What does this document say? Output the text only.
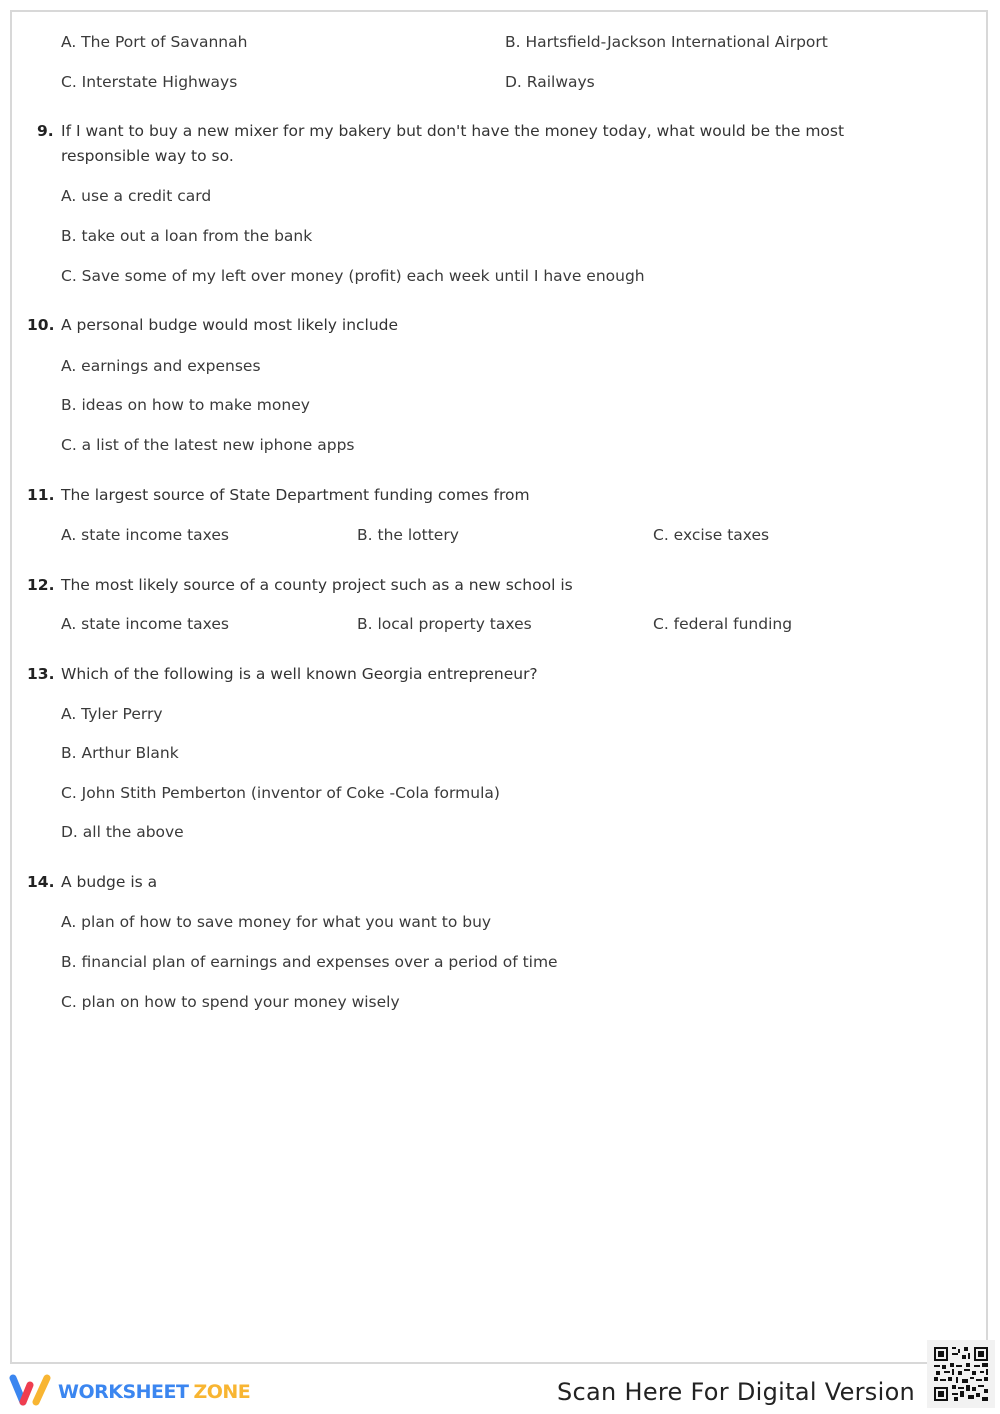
A. The Port of Savannah	B. Hartsfield-Jackson International Airport
C. Interstate Highways	D. Railways
9. If I want to buy a new mixer for my bakery but don't have the money today, what would be the most responsible way to so.
A. use a credit card
B. take out a loan from the bank
C. Save some of my left over money (profit) each week until I have enough
10. A personal budge would most likely include
A. earnings and expenses
B. ideas on how to make money
C. a list of the latest new iphone apps
11. The largest source of State Department funding comes from
A. state income taxes	B. the lottery	C. excise taxes
12. The most likely source of a county project such as a new school is
A. state income taxes	B. local property taxes	C. federal funding
13. Which of the following is a well known Georgia entrepreneur?
A. Tyler Perry
B. Arthur Blank
C. John Stith Pemberton (inventor of Coke -Cola formula)
D. all the above
14. A budge is a
A. plan of how to save money for what you want to buy
B. financial plan of earnings and expenses over a period of time
C. plan on how to spend your money wisely
WORKSHEET ZONE	Scan Here For Digital Version
